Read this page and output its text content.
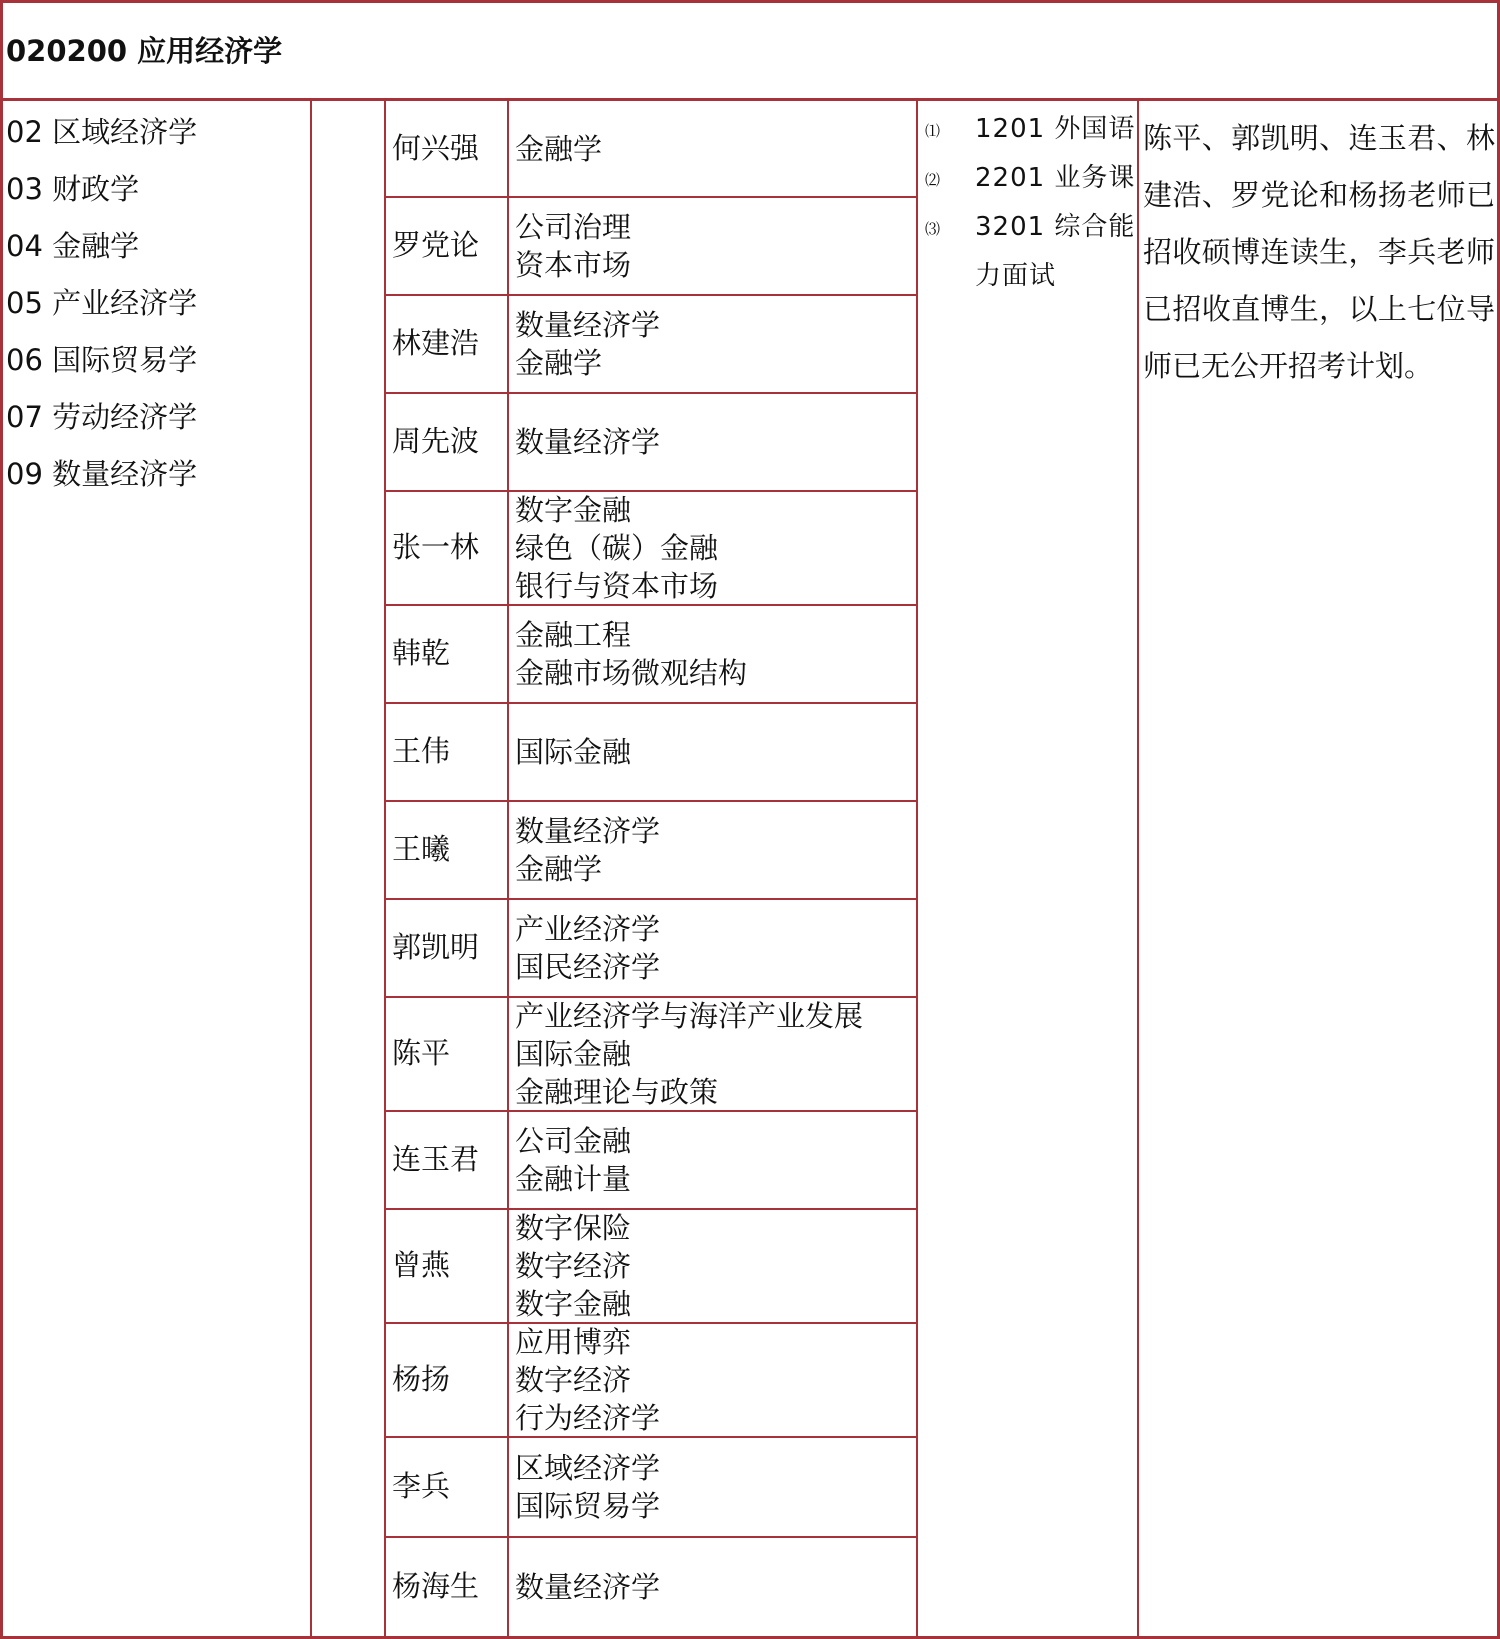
020200 应用经济学
02 区域经济学
03 财政学
04 金融学
05 产业经济学
06 国际贸易学
07 劳动经济学
09 数量经济学
何兴强 金融学
罗党论
公司治理
资本市场
林建浩
数量经济学
金融学
周先波 数量经济学
张一林
数字金融
绿色（碳）金融
银行与资本市场
韩乾
金融工程
金融市场微观结构
王伟 国际金融
王曦
数量经济学
金融学
郭凯明
产业经济学
国民经济学
陈平
产业经济学与海洋产业发展
国际金融
金融理论与政策
连玉君
公司金融
金融计量
曾燕
数字保险
数字经济
数字金融
杨扬
应用博弈
数字经济
行为经济学
李兵
区域经济学
国际贸易学
杨海生 数量经济学
⑴ 1201 外国语
⑵ 2201 业务课
⑶ 3201 综合能
力面试
陈平、郭凯明、连玉君、林建浩、罗党论和杨扬老师已招收硕博连读生，李兵老师已招收直博生，以上七位导师已无公开招考计划。
